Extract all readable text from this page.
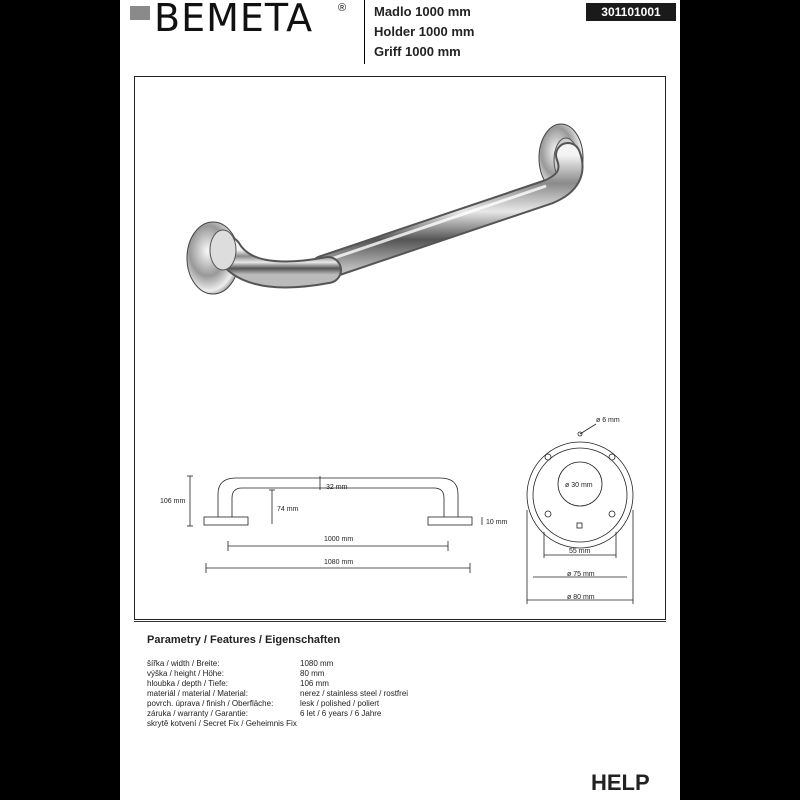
BEMETA ® Madlo 1000 mm
Holder 1000 mm
Griff 1000 mm
301101001
106 mm
32 mm
74 mm
10 mm
1000 mm
1080 mm
ø 6 mm
ø 30 mm
55 mm
ø 75 mm
ø 80 mm
Parametry / Features / Eigenschaften
šířka / width / Breite:	1080 mm
výška / height / Höhe:	80 mm
hloubka / depth / Tiefe:	106 mm
materiál / material / Material:	nerez / stainless steel / rostfrei
povrch. úprava / finish / Oberfläche:	lesk / polished / poliert
záruka / warranty / Garantie:	6 let / 6 years / 6 Jahre
skrytě kotvení / Secret Fix / Geheimnis Fix
HELP
